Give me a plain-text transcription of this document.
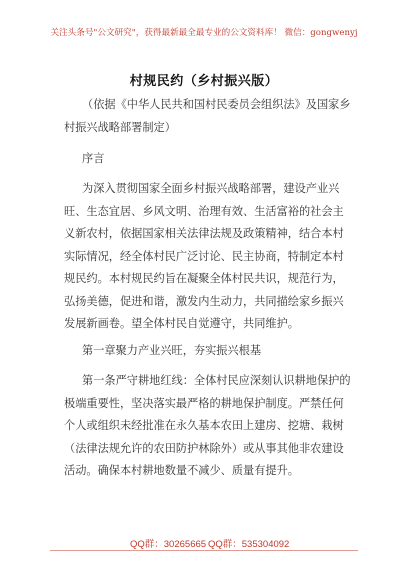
关注头条号"公文研究"，获得最新最全最专业的公文资料库！ 微信：gongwenyj
村规民约（乡村振兴版）
（依据《中华人民共和国村民委员会组织法》及国家乡村振兴战略部署制定）
序言
为深入贯彻国家全面乡村振兴战略部署，建设产业兴旺、生态宜居、乡风文明、治理有效、生活富裕的社会主义新农村，依据国家相关法律法规及政策精神，结合本村实际情况，经全体村民广泛讨论、民主协商，特制定本村规民约。本村规民约旨在凝聚全体村民共识，规范行为，弘扬美德，促进和谐，激发内生动力，共同描绘家乡振兴发展新画卷。望全体村民自觉遵守，共同维护。
第一章聚力产业兴旺，夯实振兴根基
第一条严守耕地红线：全体村民应深刻认识耕地保护的极端重要性，坚决落实最严格的耕地保护制度。严禁任何个人或组织未经批准在永久基本农田上建房、挖塘、栽树（法律法规允许的农田防护林除外）或从事其他非农建设活动。确保本村耕地数量不减少、质量有提升。
QQ群：30265665 QQ群：535304092
